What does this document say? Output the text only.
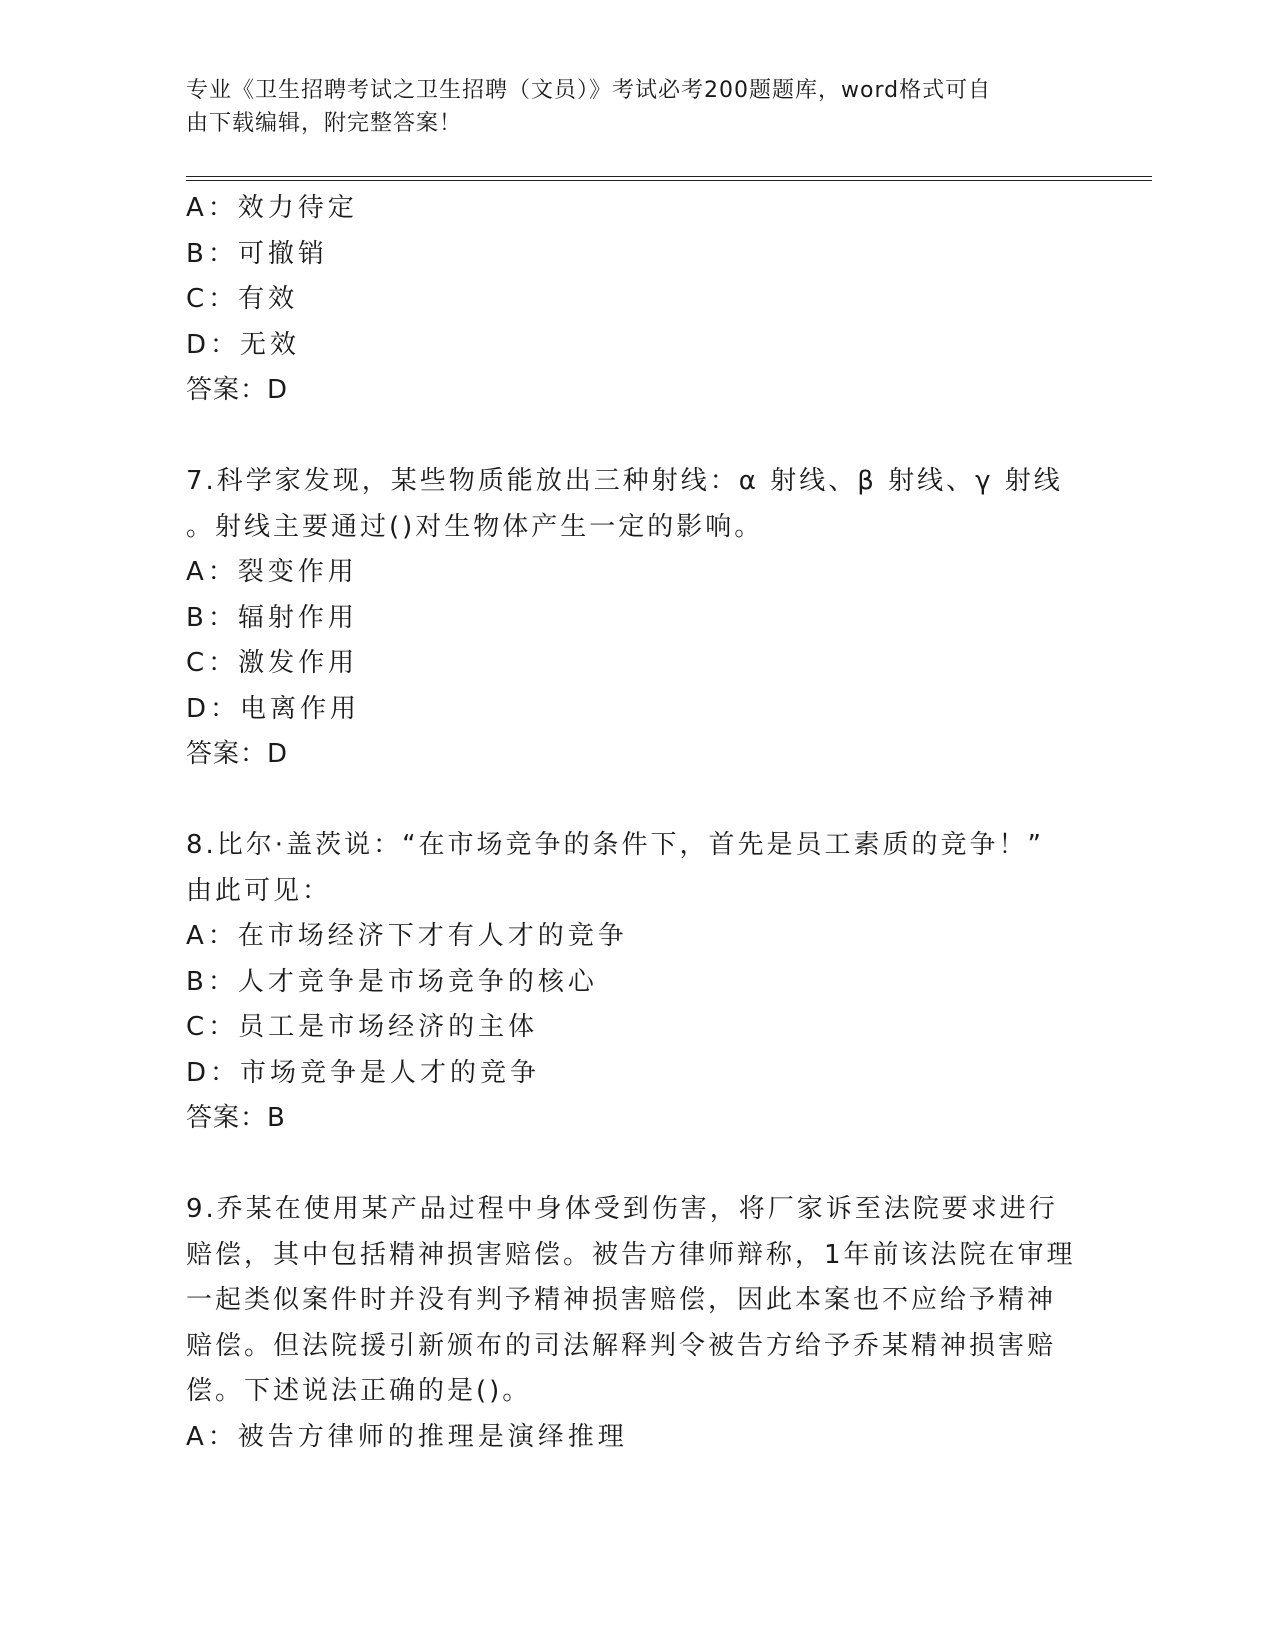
专业《卫生招聘考试之卫生招聘（文员）》考试必考200题题库，word格式可自
由下载编辑，附完整答案！
A：效力待定
B：可撤销
C：有效
D：无效
答案：D
7.科学家发现，某些物质能放出三种射线：α 射线、β 射线、γ 射线
。射线主要通过()对生物体产生一定的影响。
A：裂变作用
B：辐射作用
C：激发作用
D：电离作用
答案：D
8.比尔·盖茨说：“在市场竞争的条件下，首先是员工素质的竞争！”
由此可见：
A：在市场经济下才有人才的竞争
B：人才竞争是市场竞争的核心
C：员工是市场经济的主体
D：市场竞争是人才的竞争
答案：B
9.乔某在使用某产品过程中身体受到伤害，将厂家诉至法院要求进行
赔偿，其中包括精神损害赔偿。被告方律师辩称，1年前该法院在审理
一起类似案件时并没有判予精神损害赔偿，因此本案也不应给予精神
赔偿。但法院援引新颁布的司法解释判令被告方给予乔某精神损害赔
偿。下述说法正确的是()。
A：被告方律师的推理是演绎推理
